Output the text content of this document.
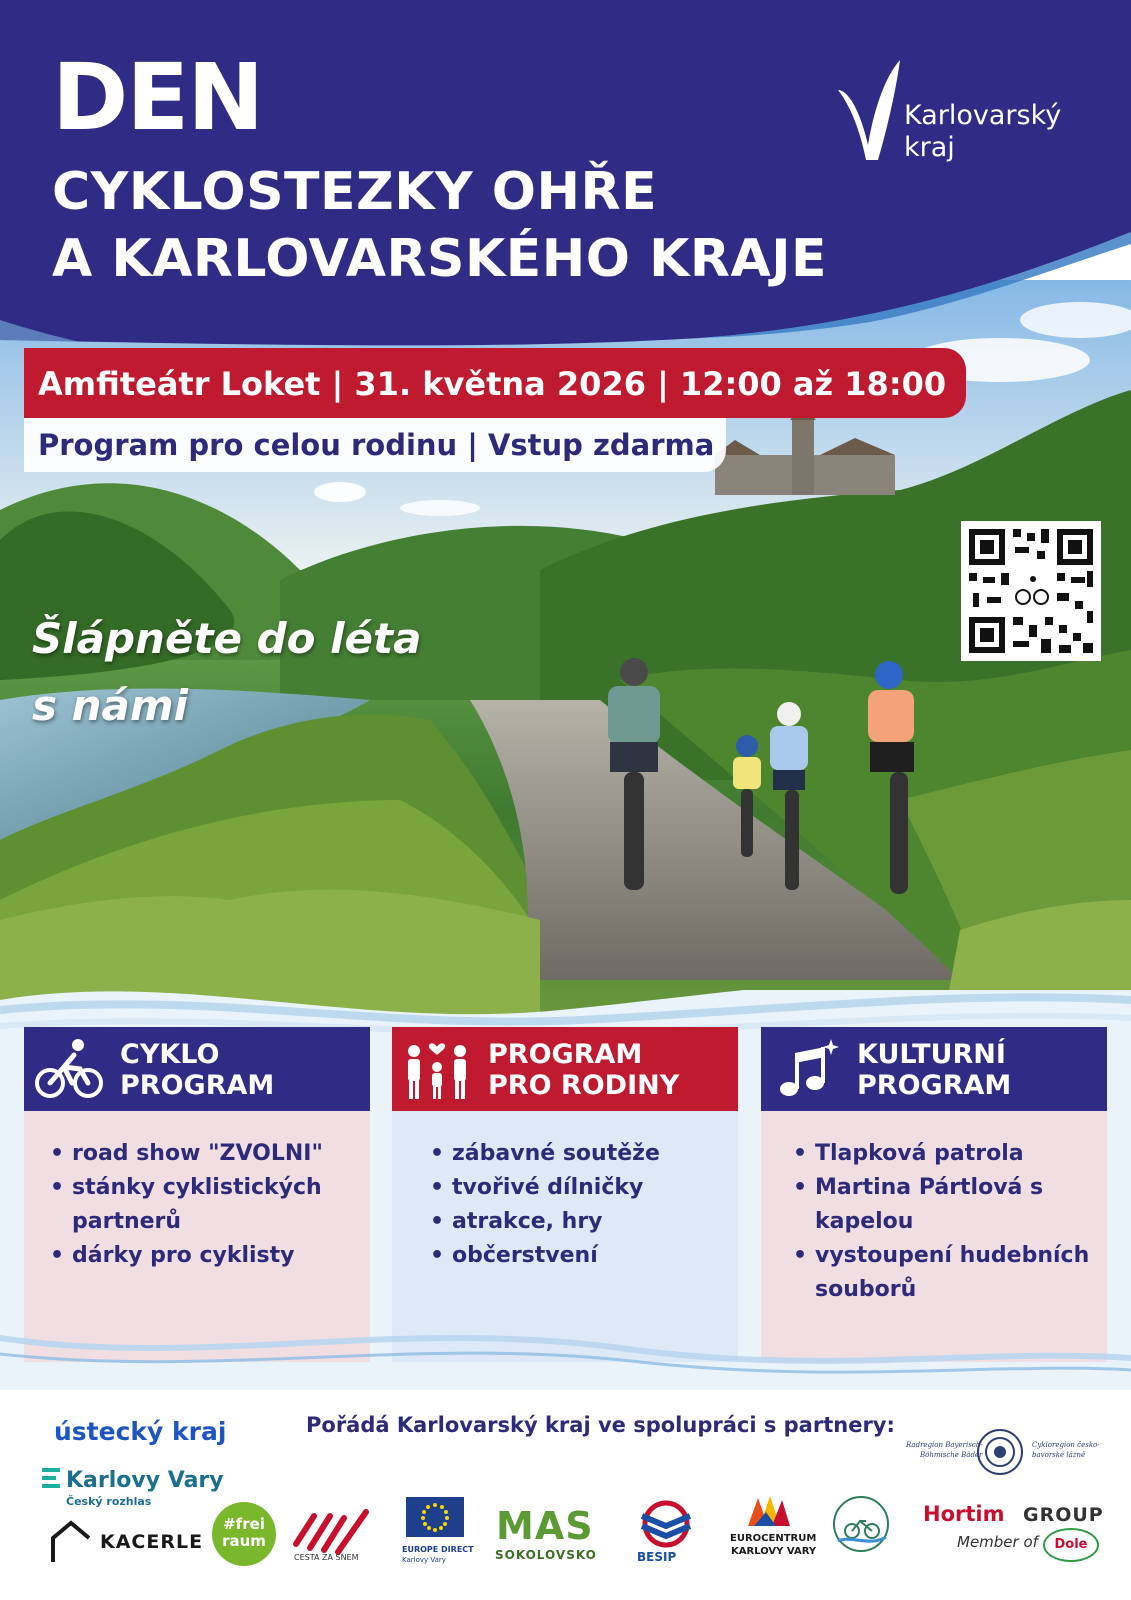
DEN
CYKLOSTEZKY OHŘE
A KARLOVARSKÉHO KRAJE
Karlovarský
kraj
Amfiteátr Loket | 31. května 2026 | 12:00 až 18:00
Program pro celou rodinu | Vstup zdarma
Šlápněte do léta
s námi
CYKLO
PROGRAM
• road show "ZVOLNI"
• stánky cyklistických partnerů
• dárky pro cyklisty
PROGRAM
PRO RODINY
• zábavné soutěže
• tvořivé dílničky
• atrakce, hry
• občerstvení
KULTURNÍ
PROGRAM
• Tlapková patrola
• Martina Pártlová s kapelou
• vystoupení hudebních souborů
Pořádá Karlovarský kraj ve spolupráci s partnery:
ústecký kraj
Karlovy Vary
Český rozhlas
KACERLE
#frei raum
CESTA ZA SNEM
EUROPE DIRECT
Karlovy Vary
MAS
SOKOLOVSKO	BESIP
EUROCENTRUM
KARLOVY VARY
Hortim GROUP
Member of	Dole
Radregion Bayerisch-
Böhmische Bäder
Cykloregion česko-
bavorské lázně
